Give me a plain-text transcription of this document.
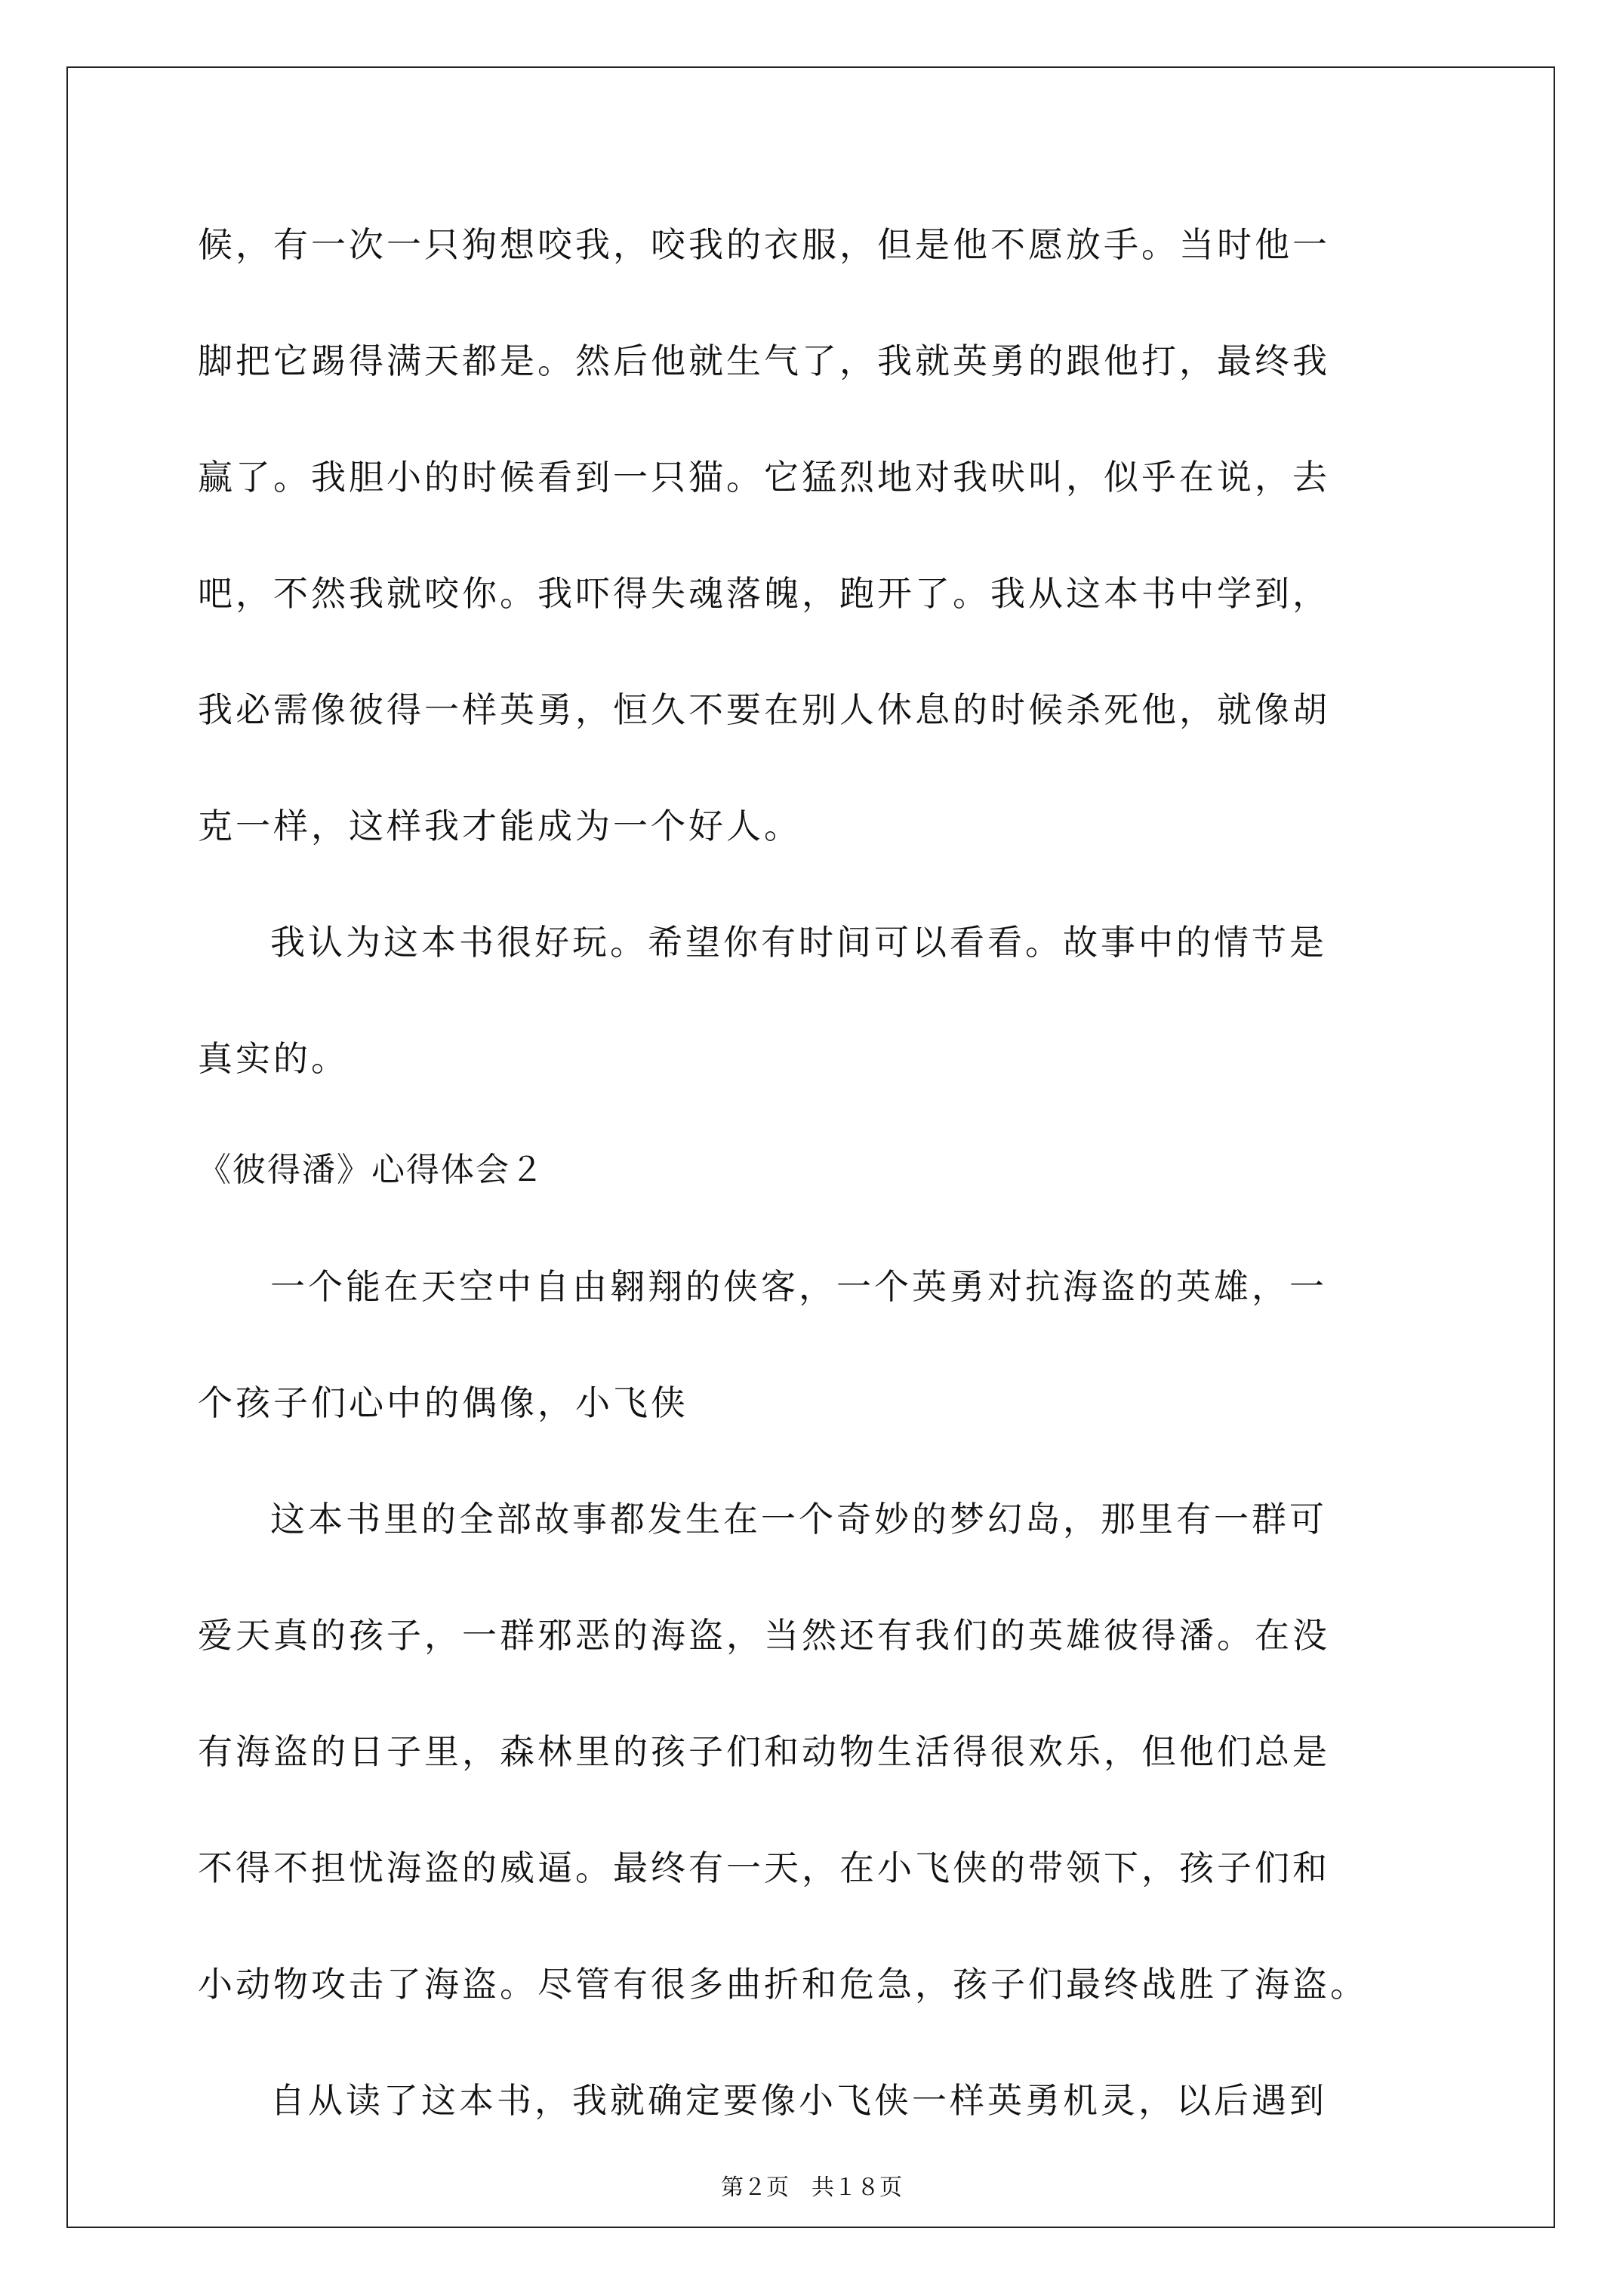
候，有一次一只狗想咬我，咬我的衣服，但是他不愿放手。当时他一

脚把它踢得满天都是。然后他就生气了，我就英勇的跟他打，最终我

赢了。我胆小的时候看到一只猫。它猛烈地对我吠叫，似乎在说，去

吧，不然我就咬你。我吓得失魂落魄，跑开了。我从这本书中学到，

我必需像彼得一样英勇，恒久不要在别人休息的时候杀死他，就像胡

克一样，这样我才能成为一个好人。

我认为这本书很好玩。希望你有时间可以看看。故事中的情节是

真实的。

《彼得潘》心得体会２

一个能在天空中自由翱翔的侠客，一个英勇对抗海盗的英雄，一

个孩子们心中的偶像，小飞侠

这本书里的全部故事都发生在一个奇妙的梦幻岛，那里有一群可

爱天真的孩子，一群邪恶的海盗，当然还有我们的英雄彼得潘。在没

有海盗的日子里，森林里的孩子们和动物生活得很欢乐，但他们总是

不得不担忧海盗的威逼。最终有一天，在小飞侠的带领下，孩子们和

小动物攻击了海盗。尽管有很多曲折和危急，孩子们最终战胜了海盗。

自从读了这本书，我就确定要像小飞侠一样英勇机灵，以后遇到

第２页　共１８页
